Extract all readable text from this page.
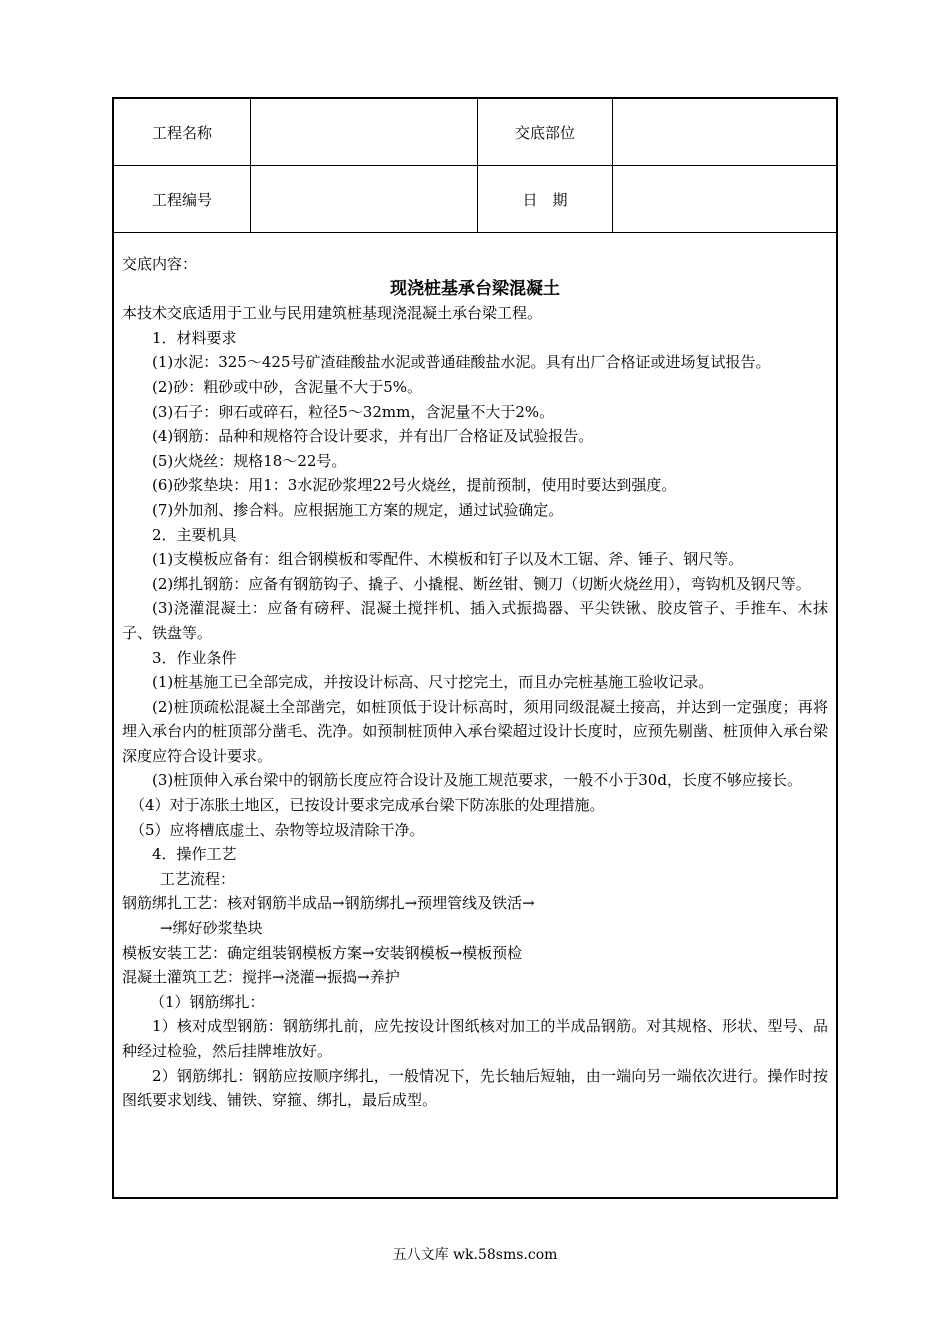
工程名称	交底部位
工程编号	日　期

交底内容：

现浇桩基承台梁混凝土

本技术交底适用于工业与民用建筑桩基现浇混凝土承台梁工程。

1．材料要求

(1)水泥：325～425号矿渣硅酸盐水泥或普通硅酸盐水泥。具有出厂合格证或进场复试报告。

(2)砂：粗砂或中砂，含泥量不大于5%。

(3)石子：卵石或碎石，粒径5～32mm，含泥量不大于2%。

(4)钢筋：品种和规格符合设计要求，并有出厂合格证及试验报告。

(5)火烧丝：规格18～22号。

(6)砂浆垫块：用1：3水泥砂浆埋22号火烧丝，提前预制，使用时要达到强度。

(7)外加剂、掺合料。应根据施工方案的规定，通过试验确定。

2．主要机具

(1)支模板应备有：组合钢模板和零配件、木模板和钉子以及木工锯、斧、锤子、钢尺等。

(2)绑扎钢筋：应备有钢筋钩子、撬子、小撬棍、断丝钳、铡刀（切断火烧丝用），弯钩机及钢尺等。

(3)浇灌混凝土：应备有磅秤、混凝土搅拌机、插入式振捣器、平尖铁锹、胶皮管子、手推车、木抹子、铁盘等。

3．作业条件

(1)桩基施工已全部完成，并按设计标高、尺寸挖完土，而且办完桩基施工验收记录。

(2)桩顶疏松混凝土全部凿完，如桩顶低于设计标高时，须用同级混凝土接高，并达到一定强度；再将埋入承台内的桩顶部分凿毛、洗净。如预制桩顶伸入承台梁超过设计长度时，应预先剔凿、桩顶伸入承台梁深度应符合设计要求。

(3)桩顶伸入承台梁中的钢筋长度应符合设计及施工规范要求，一般不小于30d，长度不够应接长。

（4）对于冻胀土地区，已按设计要求完成承台梁下防冻胀的处理措施。

（5）应将槽底虚土、杂物等垃圾清除干净。

4．操作工艺

工艺流程：

钢筋绑扎工艺：核对钢筋半成品→钢筋绑扎→预埋管线及铁活→

→绑好砂浆垫块

模板安装工艺：确定组装钢模板方案→安装钢模板→模板预检

混凝土灌筑工艺：搅拌→浇灌→振捣→养护

（1）钢筋绑扎：

1）核对成型钢筋：钢筋绑扎前，应先按设计图纸核对加工的半成品钢筋。对其规格、形状、型号、品种经过检验，然后挂牌堆放好。

2）钢筋绑扎：钢筋应按顺序绑扎，一般情况下，先长轴后短轴，由一端向另一端依次进行。操作时按图纸要求划线、铺铁、穿箍、绑扎，最后成型。

五八文库 wk.58sms.com
